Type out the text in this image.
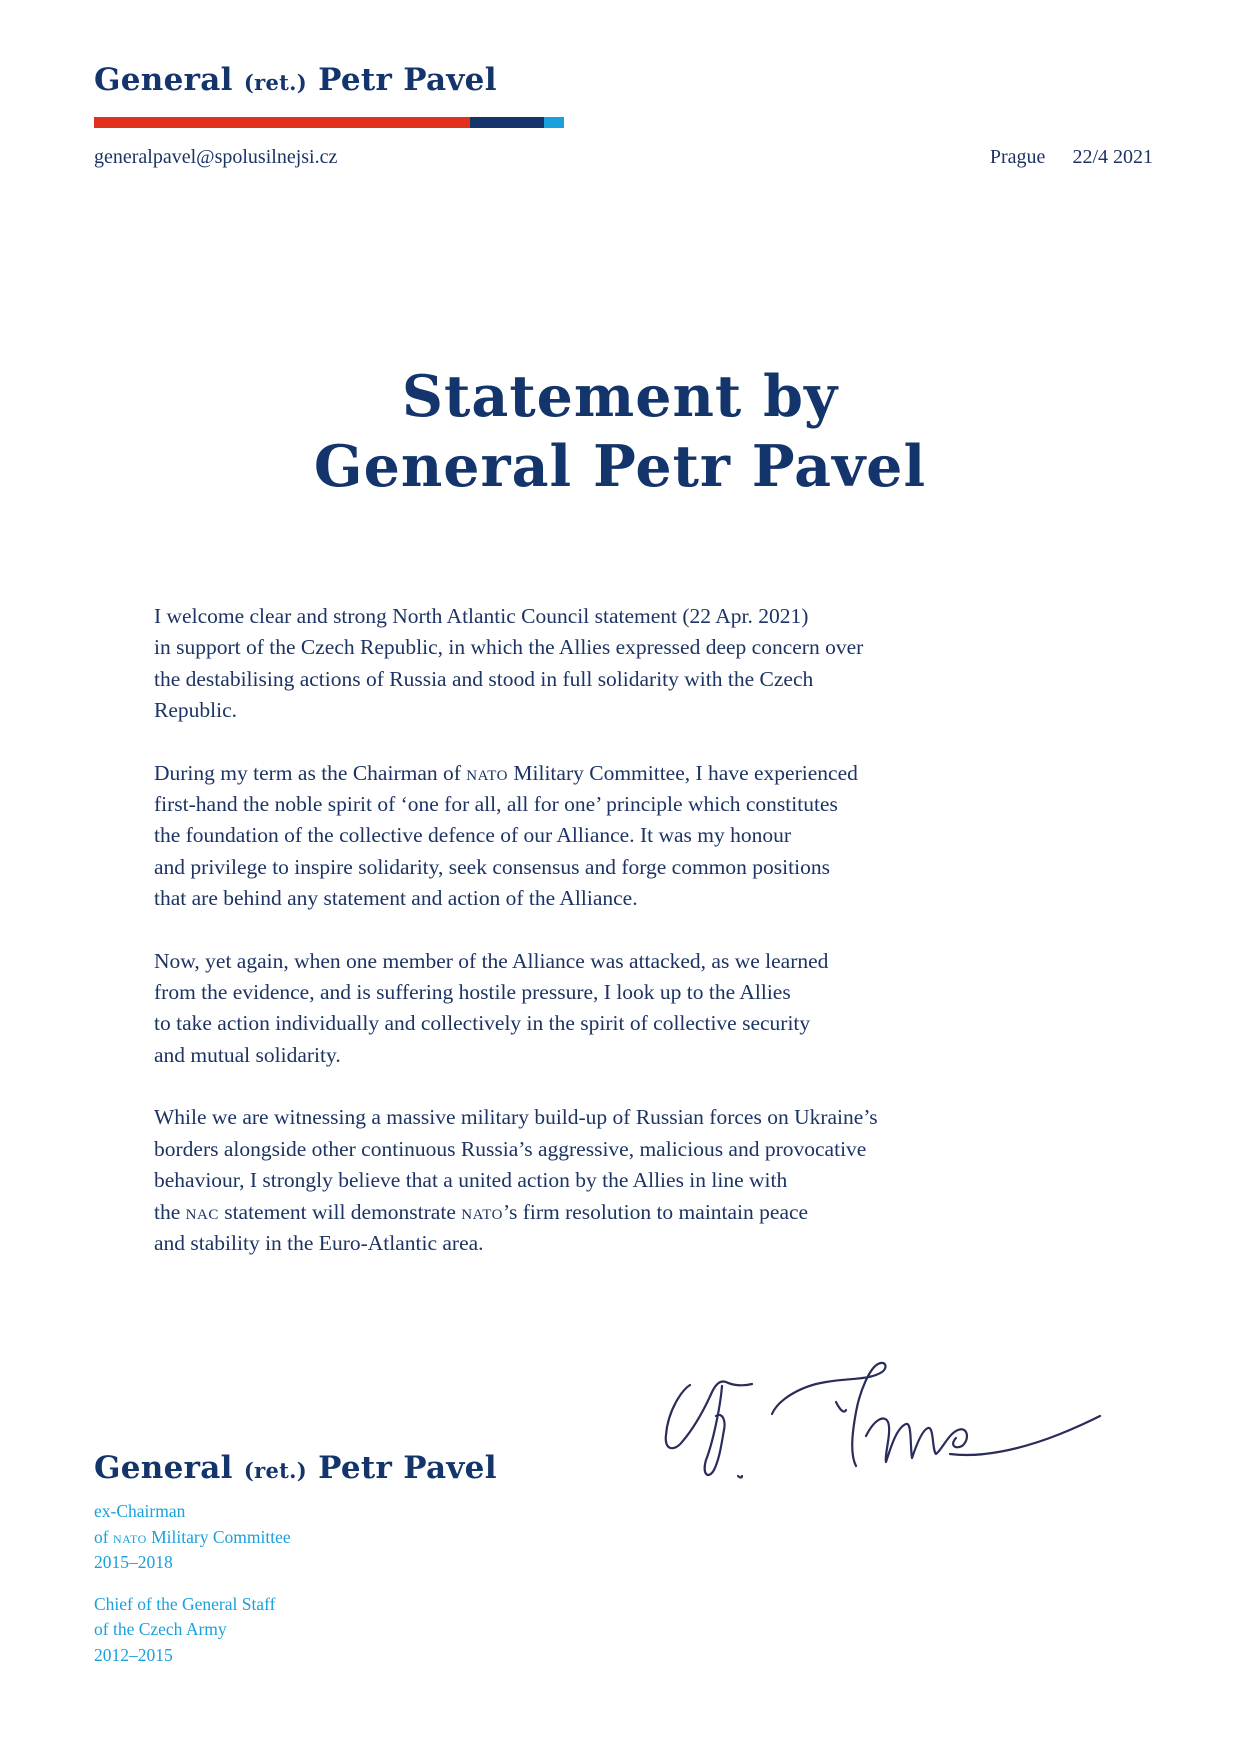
General (ret.) Petr Pavel
generalpavel@spolusilnejsi.cz	Prague 22/4 2021
Statement by
General Petr Pavel

I welcome clear and strong North Atlantic Council statement (22 Apr. 2021)
in support of the Czech Republic, in which the Allies expressed deep concern over
the destabilising actions of Russia and stood in full solidarity with the Czech
Republic.

During my term as the Chairman of nato Military Committee, I have experienced
first-hand the noble spirit of ‘one for all, all for one’ principle which constitutes
the foundation of the collective defence of our Alliance. It was my honour
and privilege to inspire solidarity, seek consensus and forge common positions
that are behind any statement and action of the Alliance.

Now, yet again, when one member of the Alliance was attacked, as we learned
from the evidence, and is suffering hostile pressure, I look up to the Allies
to take action individually and collectively in the spirit of collective security
and mutual solidarity.

While we are witnessing a massive military build-up of Russian forces on Ukraine’s
borders alongside other continuous Russia’s aggressive, malicious and provocative
behaviour, I strongly believe that a united action by the Allies in line with
the nac statement will demonstrate nato’s firm resolution to maintain peace
and stability in the Euro-Atlantic area.

General (ret.) Petr Pavel
ex-Chairman
of nato Military Committee
2015–2018
Chief of the General Staff
of the Czech Army
2012–2015
